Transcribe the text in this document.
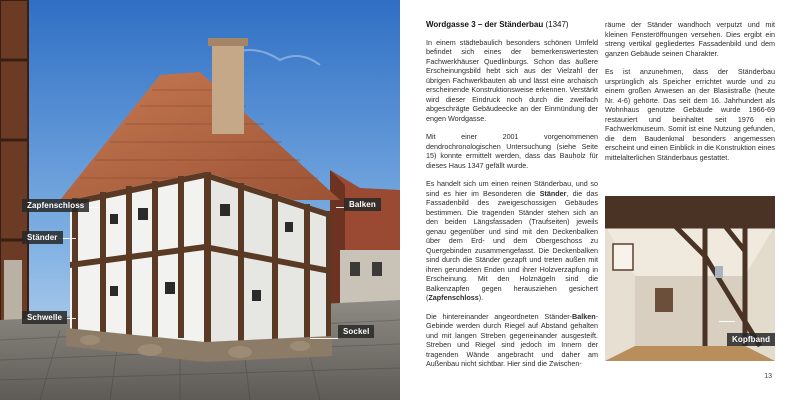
Zapfenschloss
Ständer
Schwelle
Balken
Sockel
Wordgasse 3 – der Ständerbau (1347)

In einem städtebaulich besonders schönen Umfeld befindet sich eines der bemerkenswertesten Fachwerkhäuser Quedlinburgs. Schon das äußere Erscheinungsbild hebt sich aus der Vielzahl der übrigen Fachwerkbauten ab und lässt eine archaisch erscheinende Konstruktionsweise erkennen. Verstärkt wird dieser Eindruck noch durch die zweifach abgeschrägte Gebäudeecke an der Einmündung der engen Wordgasse.

Mit einer 2001 vorgenommenen dendrochronologischen Untersuchung (siehe Seite 15) konnte ermittelt werden, dass das Bauholz für dieses Haus 1347 gefällt wurde.

Es handelt sich um einen reinen Ständerbau, und so sind es hier im Besonderen die Ständer, die das Fassadenbild des zweigeschossigen Gebäudes bestimmen. Die tragenden Ständer stehen sich an den beiden Längsfassaden (Traufseiten) jeweils genau gegenüber und sind mit den Deckenbalken über dem Erd- und dem Obergeschoss zu Quergebinden zusammengefasst. Die Deckenbalken sind durch die Ständer gezapft und treten außen mit ihren gerundeten Enden und ihrer Holzverzapfung in Erscheinung. Mit den Holznägeln sind die Balkenzapfen gegen herausziehen gesichert (Zapfenschloss).

Die hintereinander angeordneten Ständer-Balken-Gebinde werden durch Riegel auf Abstand gehalten und mit langen Streben gegeneinander ausgesteift. Streben und Riegel sind jedoch im Innern der tragenden Wände angebracht und daher am Außenbau nicht sichtbar. Hier sind die Zwischen-

räume der Ständer wandhoch verputzt und mit kleinen Fensteröffnungen versehen. Dies ergibt ein streng vertikal gegliedertes Fassadenbild und dem ganzen Gebäude seinen Charakter.

Es ist anzunehmen, dass der Ständerbau ursprünglich als Speicher errichtet wurde und zu einem großen Anwesen an der Blasiistraße (heute Nr. 4-6) gehörte. Das seit dem 16. Jahrhundert als Wohnhaus genutzte Gebäude wurde 1966-69 restauriert und beinhaltet seit 1976 ein Fachwerkmuseum. Somit ist eine Nutzung gefunden, die dem Baudenkmal besonders angemessen erscheint und einen Einblick in die Konstruktion eines mittelalterlichen Ständerbaus gestattet.

Kopfband
13
